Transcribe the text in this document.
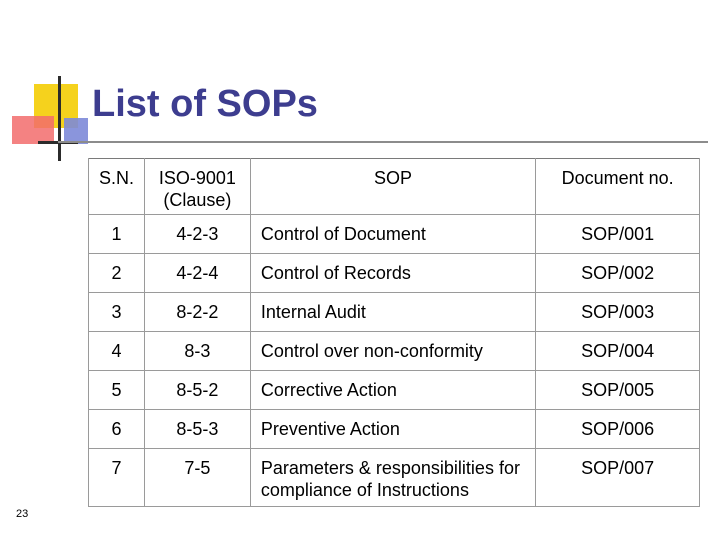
List of SOPs
S.N.	ISO-9001 (Clause)	SOP	Document no.
1	4-2-3	Control of Document	SOP/001
2	4-2-4	Control of Records	SOP/002
3	8-2-2	Internal Audit	SOP/003
4	8-3	Control over non-conformity	SOP/004
5	8-5-2	Corrective Action	SOP/005
6	8-5-3	Preventive Action	SOP/006
7	7-5	Parameters & responsibilities for compliance of Instructions	SOP/007
23
